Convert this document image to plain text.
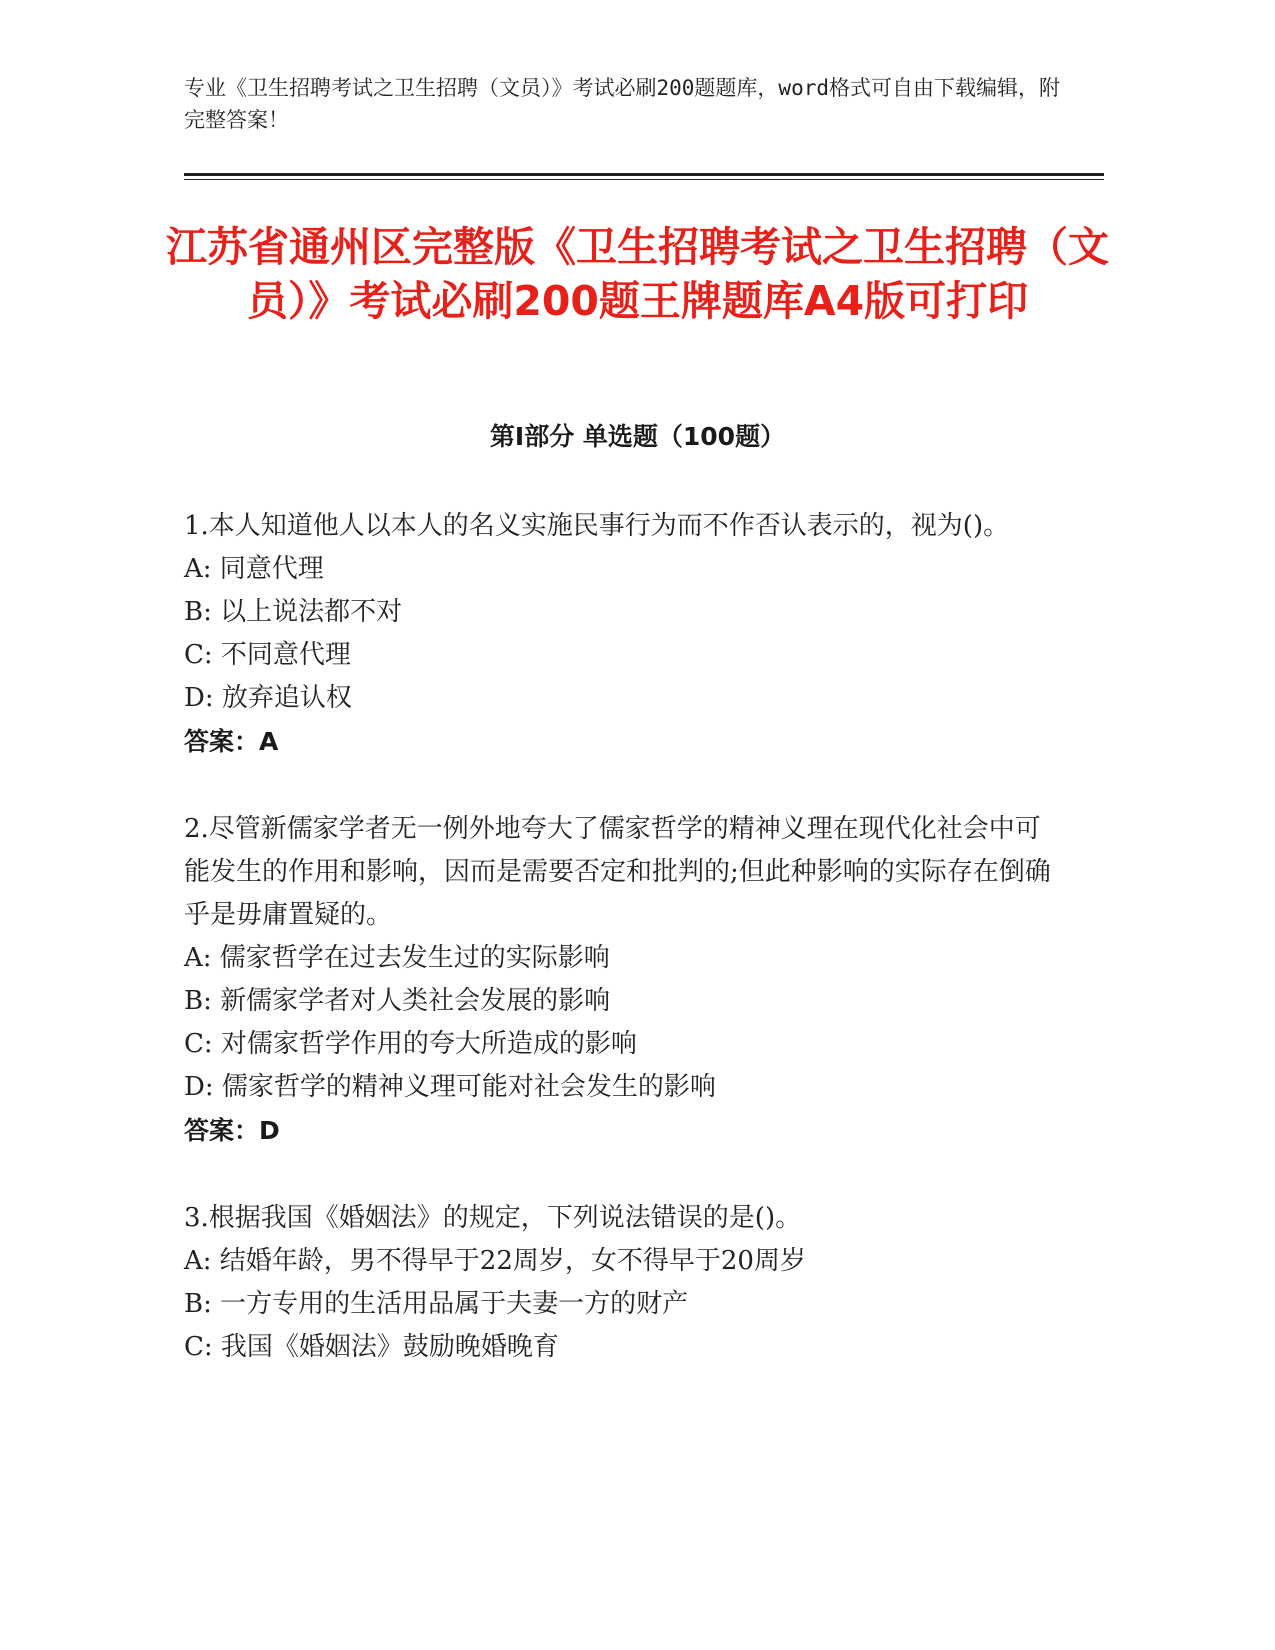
专业《卫生招聘考试之卫生招聘（文员）》考试必刷200题题库，word格式可自由下载编辑，附完整答案！
江苏省通州区完整版《卫生招聘考试之卫生招聘（文员）》考试必刷200题王牌题库A4版可打印
第Ⅰ部分 单选题（100题）

1.本人知道他人以本人的名义实施民事行为而不作否认表示的，视为()。

A: 同意代理

B: 以上说法都不对

C: 不同意代理

D: 放弃追认权

答案：A

2.尽管新儒家学者无一例外地夸大了儒家哲学的精神义理在现代化社会中可能发生的作用和影响，因而是需要否定和批判的;但此种影响的实际存在倒确乎是毋庸置疑的。

A: 儒家哲学在过去发生过的实际影响

B: 新儒家学者对人类社会发展的影响

C: 对儒家哲学作用的夸大所造成的影响

D: 儒家哲学的精神义理可能对社会发生的影响

答案：D

3.根据我国《婚姻法》的规定，下列说法错误的是()。

A: 结婚年龄，男不得早于22周岁，女不得早于20周岁

B: 一方专用的生活用品属于夫妻一方的财产

C: 我国《婚姻法》鼓励晚婚晚育
